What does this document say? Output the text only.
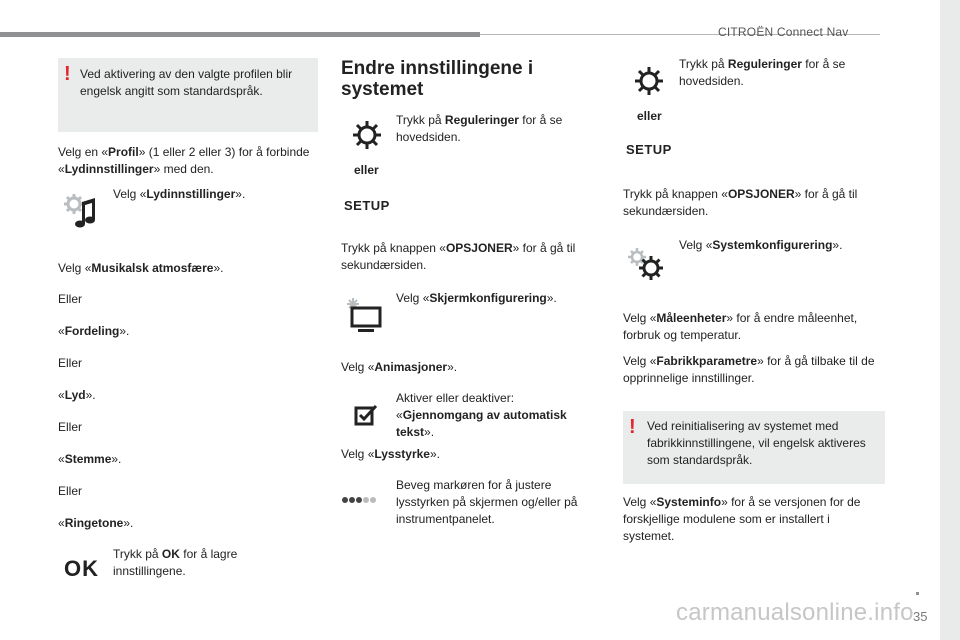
CITROËN Connect Nav
35
carmanualsonline.info
! Ved aktivering av den valgte profilen blir engelsk angitt som standardspråk.

Velg en «Profil» (1 eller 2 eller 3) for å forbinde «Lydinnstillinger» med den.

Velg «Lydinnstillinger».

Velg «Musikalsk atmosfære».

Eller

«Fordeling».

Eller

«Lyd».

Eller

«Stemme».

Eller

«Ringetone».

OK

Trykk på OK for å lagre innstillingene.

Endre innstillingene i
systemet

Trykk på Reguleringer for å se hovedsiden.

eller
SETUP

Trykk på knappen «OPSJONER» for å gå til sekundærsiden.

Velg «Skjermkonfigurering».

Velg «Animasjoner».

Aktiver eller deaktiver: «Gjennomgang av automatisk tekst».

Velg «Lysstyrke».

Beveg markøren for å justere lysstyrken på skjermen og/eller på instrumentpanelet.

Trykk på Reguleringer for å se hovedsiden.

eller
SETUP

Trykk på knappen «OPSJONER» for å gå til sekundærsiden.

Velg «Systemkonfigurering».

Velg «Måleenheter» for å endre måleenhet, forbruk og temperatur.

Velg «Fabrikkparametre» for å gå tilbake til de opprinnelige innstillinger.

! Ved reinitialisering av systemet med fabrikkinnstillingene, vil engelsk aktiveres som standardspråk.

Velg «Systeminfo» for å se versjonen for de forskjellige modulene som er installert i systemet.
